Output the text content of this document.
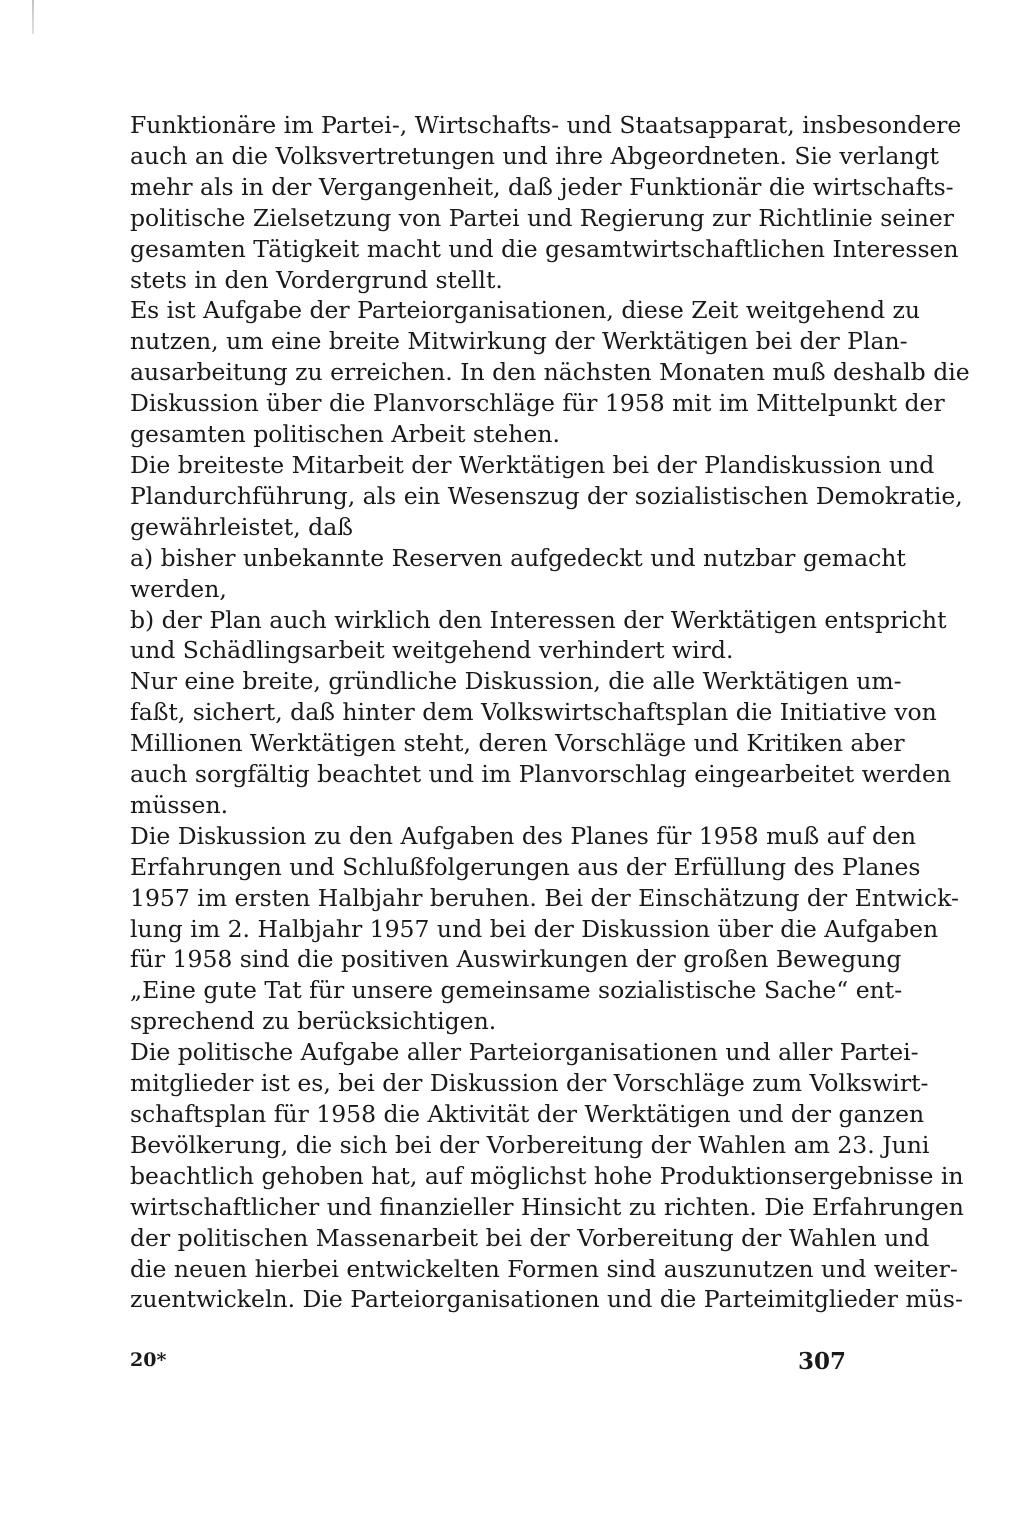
Funktionäre im Partei-, Wirtschafts- und Staatsapparat, insbesondere
auch an die Volksvertretungen und ihre Abgeordneten. Sie verlangt
mehr als in der Vergangenheit, daß jeder Funktionär die wirtschafts-
politische Zielsetzung von Partei und Regierung zur Richtlinie seiner
gesamten Tätigkeit macht und die gesamtwirtschaftlichen Interessen
stets in den Vordergrund stellt.
Es ist Aufgabe der Parteiorganisationen, diese Zeit weitgehend zu
nutzen, um eine breite Mitwirkung der Werktätigen bei der Plan-
ausarbeitung zu erreichen. In den nächsten Monaten muß deshalb die
Diskussion über die Planvorschläge für 1958 mit im Mittelpunkt der
gesamten politischen Arbeit stehen.
Die breiteste Mitarbeit der Werktätigen bei der Plandiskussion und
Plandurchführung, als ein Wesenszug der sozialistischen Demokratie,
gewährleistet, daß
a) bisher unbekannte Reserven aufgedeckt und nutzbar gemacht
werden,
b) der Plan auch wirklich den Interessen der Werktätigen entspricht
und Schädlingsarbeit weitgehend verhindert wird.
Nur eine breite, gründliche Diskussion, die alle Werktätigen um-
faßt, sichert, daß hinter dem Volkswirtschaftsplan die Initiative von
Millionen Werktätigen steht, deren Vorschläge und Kritiken aber
auch sorgfältig beachtet und im Planvorschlag eingearbeitet werden
müssen.
Die Diskussion zu den Aufgaben des Planes für 1958 muß auf den
Erfahrungen und Schlußfolgerungen aus der Erfüllung des Planes
1957 im ersten Halbjahr beruhen. Bei der Einschätzung der Entwick-
lung im 2. Halbjahr 1957 und bei der Diskussion über die Aufgaben
für 1958 sind die positiven Auswirkungen der großen Bewegung
„Eine gute Tat für unsere gemeinsame sozialistische Sache“ ent-
sprechend zu berücksichtigen.
Die politische Aufgabe aller Parteiorganisationen und aller Partei-
mitglieder ist es, bei der Diskussion der Vorschläge zum Volkswirt-
schaftsplan für 1958 die Aktivität der Werktätigen und der ganzen
Bevölkerung, die sich bei der Vorbereitung der Wahlen am 23. Juni
beachtlich gehoben hat, auf möglichst hohe Produktionsergebnisse in
wirtschaftlicher und finanzieller Hinsicht zu richten. Die Erfahrungen
der politischen Massenarbeit bei der Vorbereitung der Wahlen und
die neuen hierbei entwickelten Formen sind auszunutzen und weiter-
zuentwickeln. Die Parteiorganisationen und die Parteimitglieder müs-
20*	307
